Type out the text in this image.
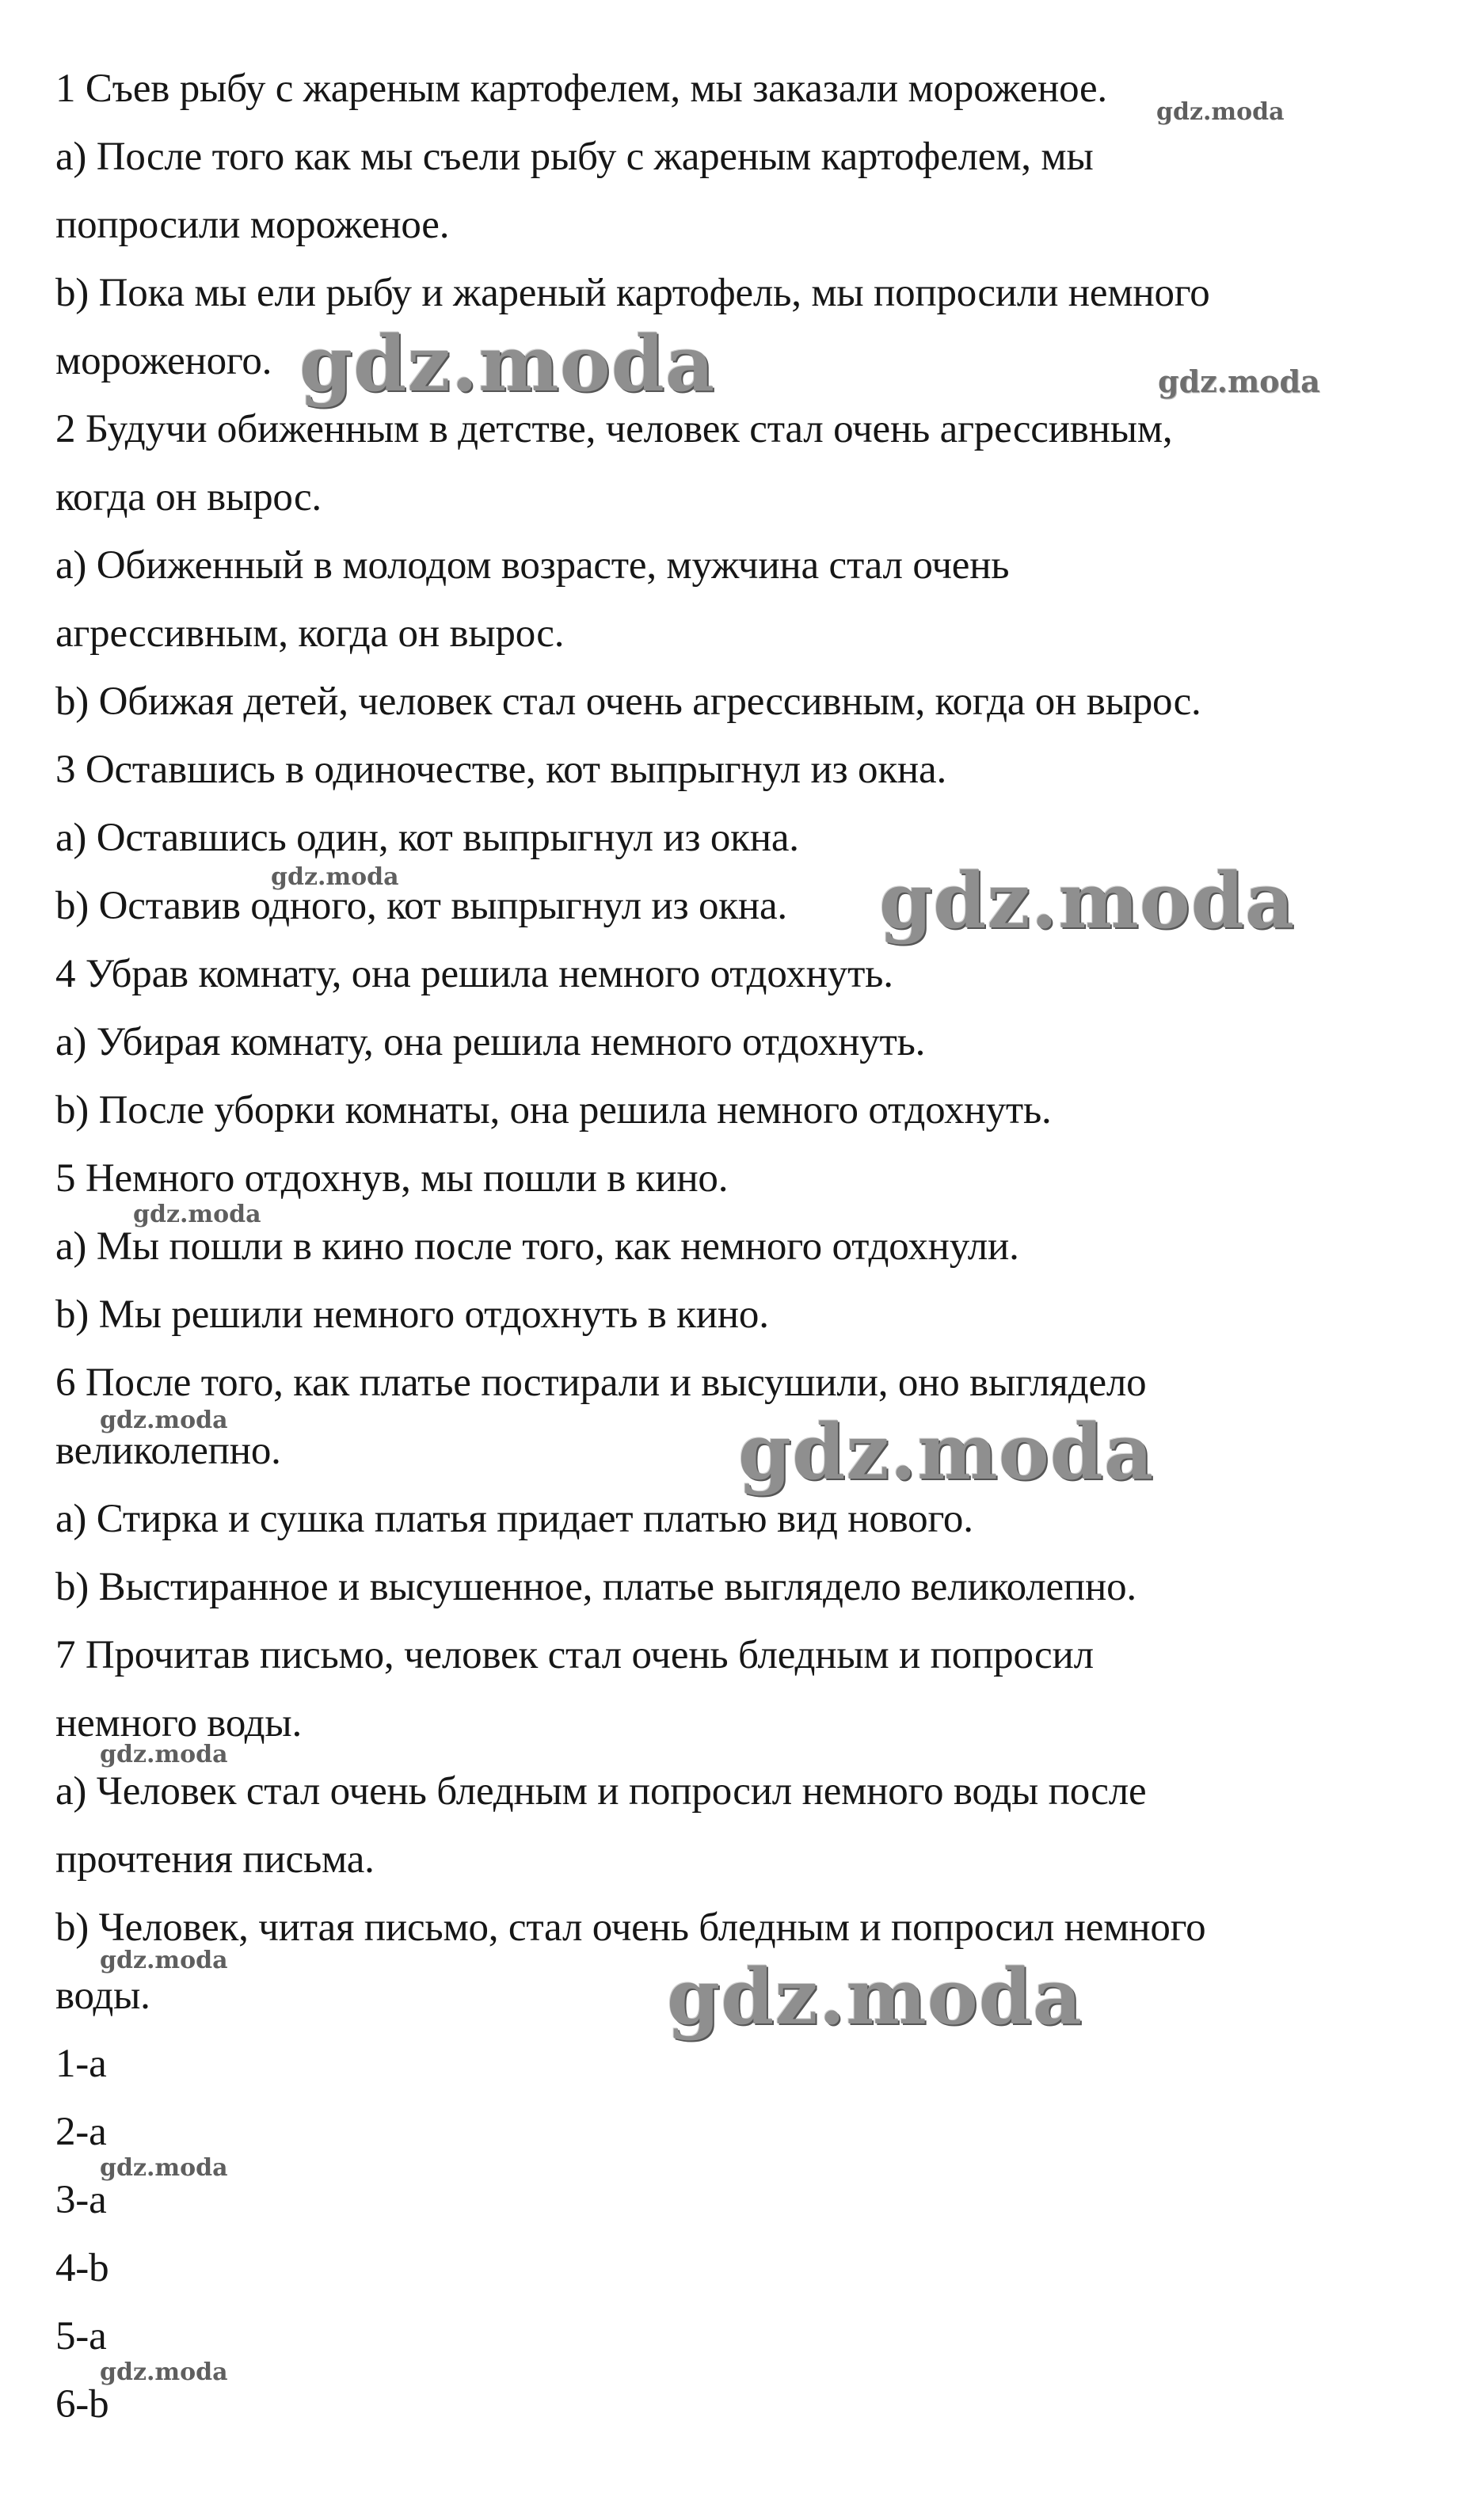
1 Съев рыбу с жареным картофелем, мы заказали мороженое.

a) После того как мы съели рыбу с жареным картофелем, мы

попросили мороженое.

b) Пока мы ели рыбу и жареный картофель, мы попросили немного

мороженого.

2 Будучи обиженным в детстве, человек стал очень агрессивным,

когда он вырос.

а) Обиженный в молодом возрасте, мужчина стал очень

агрессивным, когда он вырос.

b) Обижая детей, человек стал очень агрессивным, когда он вырос.

3 Оставшись в одиночестве, кот выпрыгнул из окна.

a) Оставшись один, кот выпрыгнул из окна.

b) Оставив одного, кот выпрыгнул из окна.

4 Убрав комнату, она решила немного отдохнуть.

a) Убирая комнату, она решила немного отдохнуть.

b) После уборки комнаты, она решила немного отдохнуть.

5 Немного отдохнув, мы пошли в кино.

a) Мы пошли в кино после того, как немного отдохнули.

b) Мы решили немного отдохнуть в кино.

6 После того, как платье постирали и высушили, оно выглядело

великолепно.

a) Стирка и сушка платья придает платью вид нового.

b) Выстиранное и высушенное, платье выглядело великолепно.

7 Прочитав письмо, человек стал очень бледным и попросил

немного воды.

а) Человек стал очень бледным и попросил немного воды после

прочтения письма.

b) Человек, читая письмо, стал очень бледным и попросил немного

воды.

1-a

2-a

3-a

4-b

5-a

6-b

gdz.moda
gdz.moda	gdz.moda
gdz.moda	gdz.moda
gdz.moda
gdz.moda	gdz.moda
gdz.moda
gdz.moda	gdz.moda
gdz.moda
gdz.moda
